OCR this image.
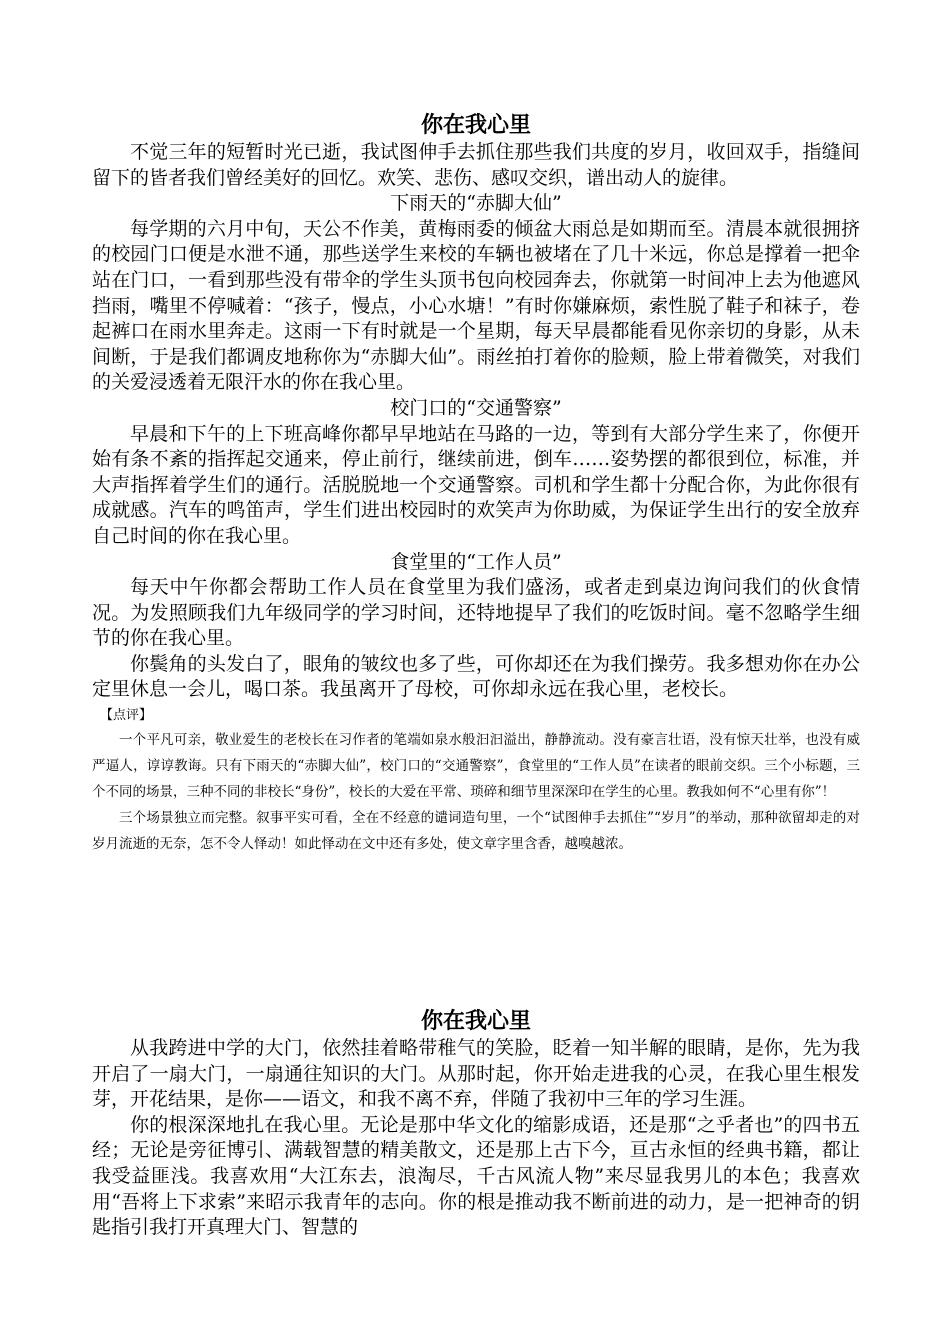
你在我心里

不觉三年的短暂时光已逝，我试图伸手去抓住那些我们共度的岁月，收回双手，指缝间留下的皆者我们曾经美好的回忆。欢笑、悲伤、感叹交织，谱出动人的旋律。

下雨天的“赤脚大仙”

每学期的六月中旬，天公不作美，黄梅雨委的倾盆大雨总是如期而至。清晨本就很拥挤的校园门口便是水泄不通，那些送学生来校的车辆也被堵在了几十米远，你总是撑着一把伞站在门口，一看到那些没有带伞的学生头顶书包向校园奔去，你就第一时间冲上去为他遮风挡雨，嘴里不停喊着：“孩子，慢点，小心水塘！”有时你嫌麻烦，索性脱了鞋子和袜子，卷起裤口在雨水里奔走。这雨一下有时就是一个星期，每天早晨都能看见你亲切的身影，从未间断，于是我们都调皮地称你为“赤脚大仙”。雨丝拍打着你的脸颊，脸上带着微笑，对我们的关爱浸透着无限汗水的你在我心里。

校门口的“交通警察”

早晨和下午的上下班高峰你都早早地站在马路的一边，等到有大部分学生来了，你便开始有条不紊的指挥起交通来，停止前行，继续前进，倒车……姿势摆的都很到位，标准，并大声指挥着学生们的通行。活脱脱地一个交通警察。司机和学生都十分配合你，为此你很有成就感。汽车的鸣笛声，学生们进出校园时的欢笑声为你助威，为保证学生出行的安全放弃自己时间的你在我心里。

食堂里的“工作人员”

每天中午你都会帮助工作人员在食堂里为我们盛汤，或者走到桌边询问我们的伙食情况。为发照顾我们九年级同学的学习时间，还特地提早了我们的吃饭时间。毫不忽略学生细节的你在我心里。

你鬓角的头发白了，眼角的皱纹也多了些，可你却还在为我们操劳。我多想劝你在办公定里休息一会儿，喝口茶。我虽离开了母校，可你却永远在我心里，老校长。

【点评】

一个平凡可亲，敬业爱生的老校长在习作者的笔端如泉水般汩汩溢出，静静流动。没有豪言壮语，没有惊天壮举，也没有威严逼人，谆谆教诲。只有下雨天的“赤脚大仙”，校门口的“交通警察”，食堂里的“工作人员”在读者的眼前交织。三个小标题，三个不同的场景，三种不同的非校长“身份”，校长的大爱在平常、琐碎和细节里深深印在学生的心里。教我如何不“心里有你”！

三个场景独立而完整。叙事平实可看，全在不经意的谴词造句里，一个“试图伸手去抓住”“岁月”的举动，那种欲留却走的对岁月流逝的无奈，怎不令人怿动！如此怿动在文中还有多处，使文章字里含香，越嗅越浓。

你在我心里

从我跨进中学的大门，依然挂着略带稚气的笑脸，眨着一知半解的眼睛，是你，先为我开启了一扇大门，一扇通往知识的大门。从那时起，你开始走进我的心灵，在我心里生根发芽，开花结果，是你——语文，和我不离不弃，伴随了我初中三年的学习生涯。

你的根深深地扎在我心里。无论是那中华文化的缩影成语，还是那“之乎者也”的四书五经；无论是旁征博引、满载智慧的精美散文，还是那上古下今，亘古永恒的经典书籍，都让我受益匪浅。我喜欢用“大江东去，浪淘尽，千古风流人物”来尽显我男儿的本色；我喜欢用“吾将上下求索”来昭示我青年的志向。你的根是推动我不断前进的动力，是一把神奇的钥匙指引我打开真理大门、智慧的
